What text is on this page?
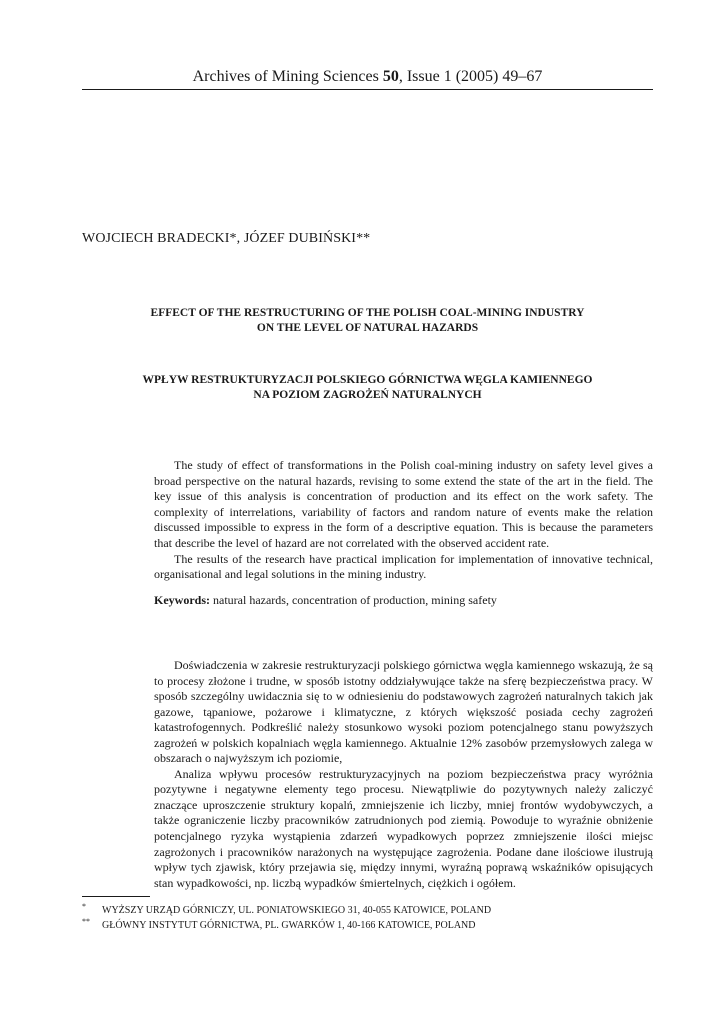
Archives of Mining Sciences 50, Issue 1 (2005) 49–67
WOJCIECH BRADECKI*, JÓZEF DUBIŃSKI**
EFFECT OF THE RESTRUCTURING OF THE POLISH COAL-MINING INDUSTRY
ON THE LEVEL OF NATURAL HAZARDS
WPŁYW RESTRUKTURYZACJI POLSKIEGO GÓRNICTWA WĘGLA KAMIENNEGO
NA POZIOM ZAGROŻEŃ NATURALNYCH

The study of effect of transformations in the Polish coal-mining industry on safety level gives a broad perspective on the natural hazards, revising to some extend the state of the art in the field. The key issue of this analysis is concentration of production and its effect on the work safety. The complexity of interrelations, variability of factors and random nature of events make the relation discussed impossible to express in the form of a descriptive equation. This is because the parameters that describe the level of hazard are not correlated with the observed accident rate.

The results of the research have practical implication for implementation of innovative technical, organisational and legal solutions in the mining industry.

Keywords: natural hazards, concentration of production, mining safety

Doświadczenia w zakresie restrukturyzacji polskiego górnictwa węgla kamiennego wskazują, że są to procesy złożone i trudne, w sposób istotny oddziaływujące także na sferę bezpieczeństwa pracy. W sposób szczególny uwidacznia się to w odniesieniu do podstawowych zagrożeń naturalnych takich jak gazowe, tąpaniowe, pożarowe i klimatyczne, z których większość posiada cechy zagrożeń katastrofogennych. Podkreślić należy stosunkowo wysoki poziom potencjalnego stanu powyższych zagrożeń w polskich kopalniach węgla kamiennego. Aktualnie 12% zasobów przemysłowych zalega w obszarach o najwyższym ich poziomie,

Analiza wpływu procesów restrukturyzacyjnych na poziom bezpieczeństwa pracy wyróżnia pozytywne i negatywne elementy tego procesu. Niewątpliwie do pozytywnych należy zaliczyć znaczące uproszczenie struktury kopalń, zmniejszenie ich liczby, mniej frontów wydobywczych, a także ograniczenie liczby pracowników zatrudnionych pod ziemią. Powoduje to wyraźnie obniżenie potencjalnego ryzyka wystąpienia zdarzeń wypadkowych poprzez zmniejszenie ilości miejsc zagrożonych i pracowników narażonych na występujące zagrożenia. Podane dane ilościowe ilustrują wpływ tych zjawisk, który przejawia się, między innymi, wyraźną poprawą wskaźników opisujących stan wypadkowości, np. liczbą wypadków śmiertelnych, ciężkich i ogółem.

* WYŻSZY URZĄD GÓRNICZY, UL. PONIATOWSKIEGO 31, 40-055 KATOWICE, POLAND
** GŁÓWNY INSTYTUT GÓRNICTWA, PL. GWARKÓW 1, 40-166 KATOWICE, POLAND
